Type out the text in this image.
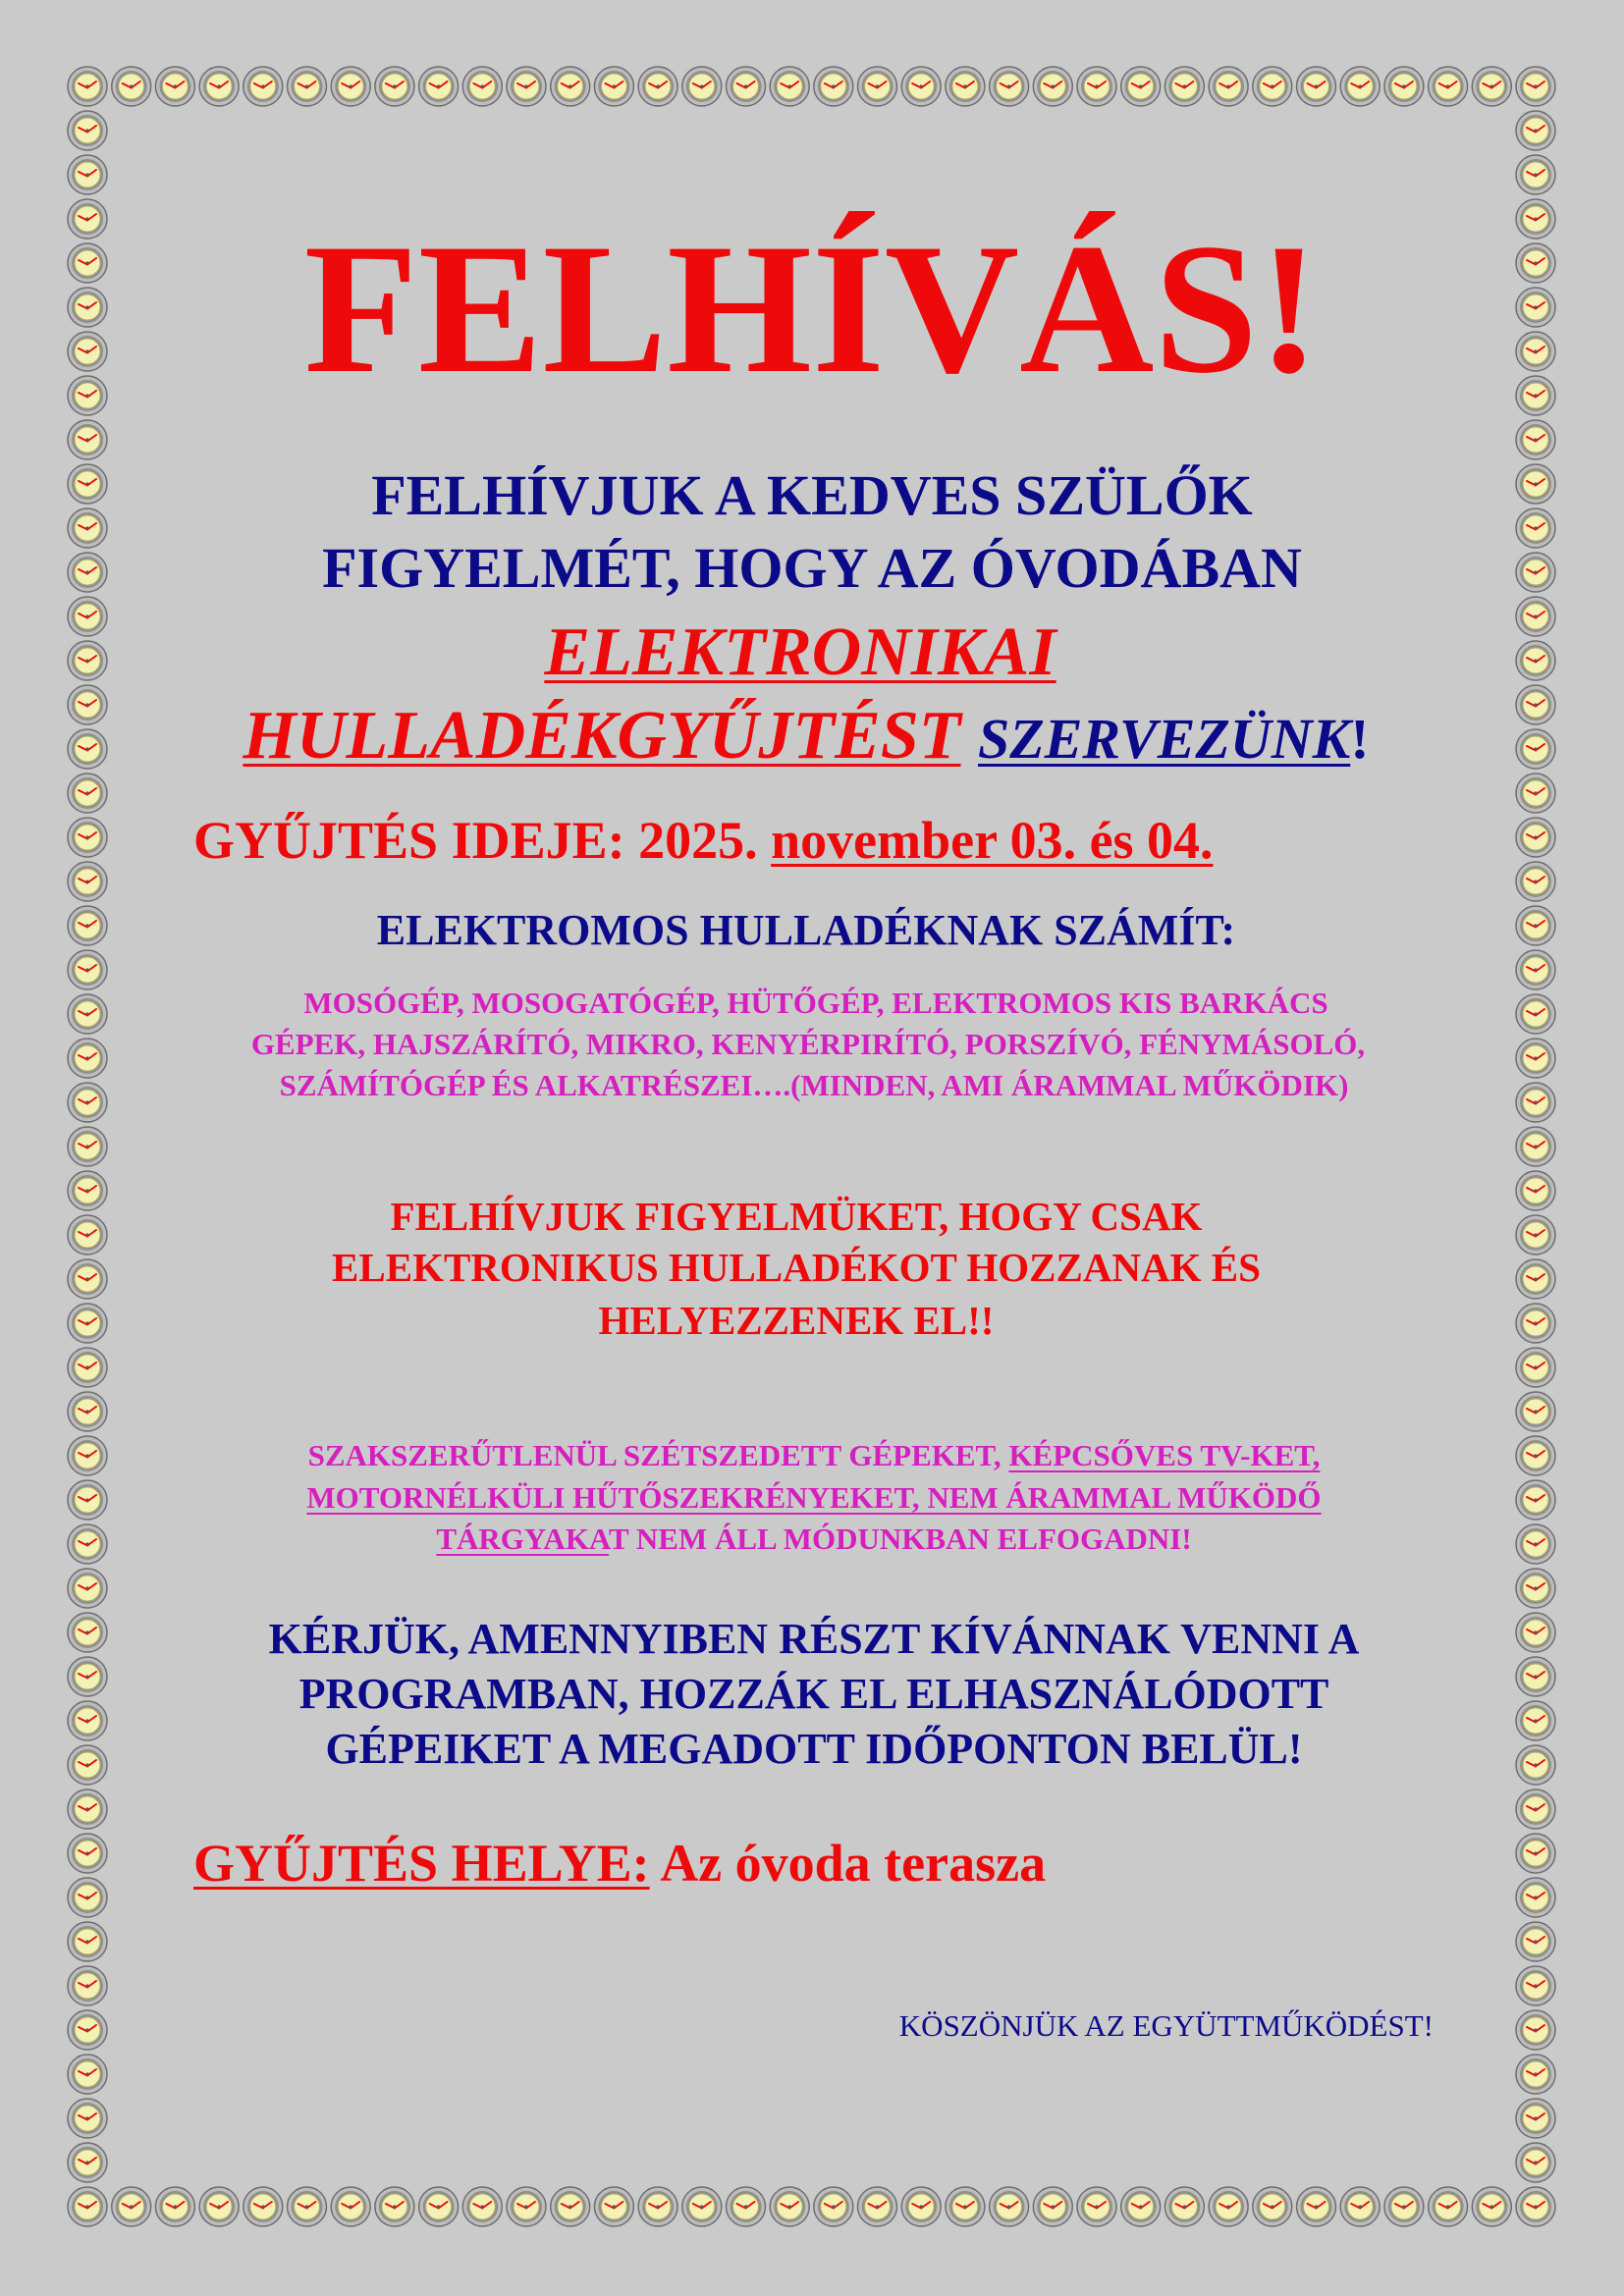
FELHÍVÁS!
FELHÍVJUK A KEDVES SZÜLŐK
FIGYELMÉT, HOGY AZ ÓVODÁBAN
ELEKTRONIKAI
HULLADÉKGYŰJTÉST SZERVEZÜNK!
GYŰJTÉS IDEJE: 2025. november 03. és 04.
ELEKTROMOS HULLADÉKNAK SZÁMÍT:
MOSÓGÉP, MOSOGATÓGÉP, HÜTŐGÉP, ELEKTROMOS KIS BARKÁCS
GÉPEK, HAJSZÁRÍTÓ, MIKRO, KENYÉRPIRÍTÓ, PORSZÍVÓ, FÉNYMÁSOLÓ,
SZÁMÍTÓGÉP ÉS ALKATRÉSZEI….(MINDEN, AMI ÁRAMMAL MŰKÖDIK)
FELHÍVJUK FIGYELMÜKET, HOGY CSAK
ELEKTRONIKUS HULLADÉKOT HOZZANAK ÉS
HELYEZZENEK EL!!
SZAKSZERŰTLENÜL SZÉTSZEDETT GÉPEKET, KÉPCSŐVES TV-KET,
MOTORNÉLKÜLI HŰTŐSZEKRÉNYEKET, NEM ÁRAMMAL MŰKÖDŐ
TÁRGYAKAT NEM ÁLL MÓDUNKBAN ELFOGADNI!
KÉRJÜK, AMENNYIBEN RÉSZT KÍVÁNNAK VENNI A
PROGRAMBAN, HOZZÁK EL ELHASZNÁLÓDOTT
GÉPEIKET A MEGADOTT IDŐPONTON BELÜL!
GYŰJTÉS HELYE: Az óvoda terasza
KÖSZÖNJÜK AZ EGYÜTTMŰKÖDÉST!
